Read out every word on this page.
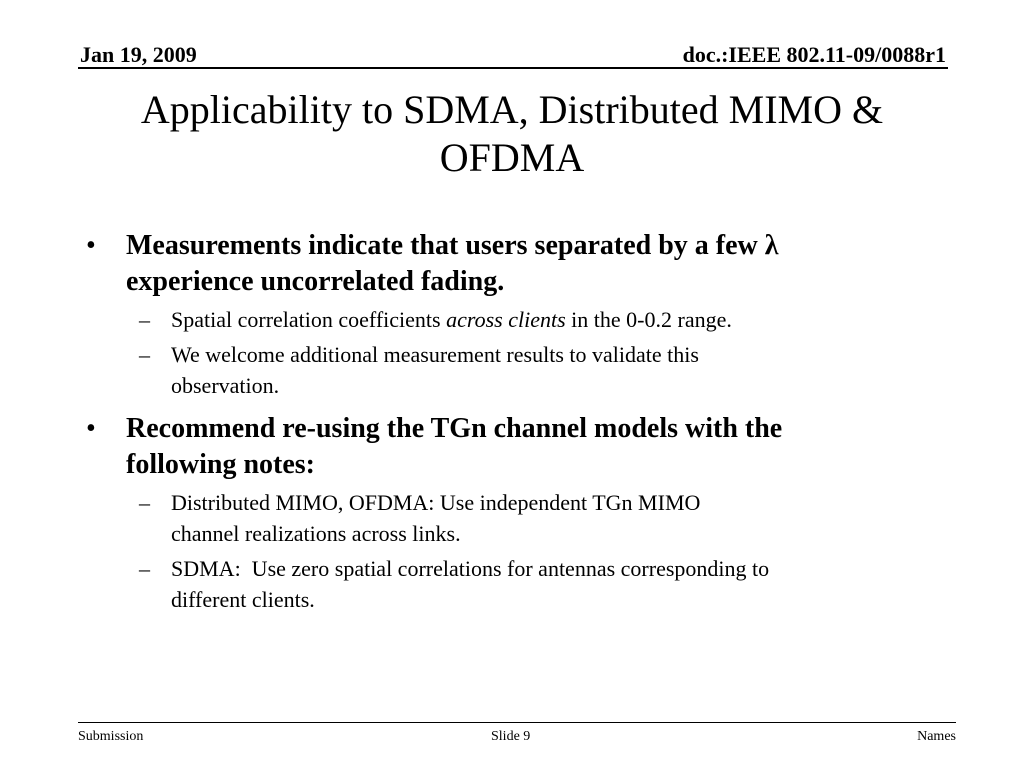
Jan 19, 2009	doc.:IEEE 802.11-09/0088r1
Applicability to SDMA, Distributed MIMO &
OFDMA
• Measurements indicate that users separated by a few λ
experience uncorrelated fading.
– Spatial correlation coefficients across clients in the 0-0.2 range.
– We welcome additional measurement results to validate this
observation.
• Recommend re-using the TGn channel models with the
following notes:
– Distributed MIMO, OFDMA: Use independent TGn MIMO
channel realizations across links.
– SDMA:  Use zero spatial correlations for antennas corresponding to
different clients.
Submission	Slide 9	Names
